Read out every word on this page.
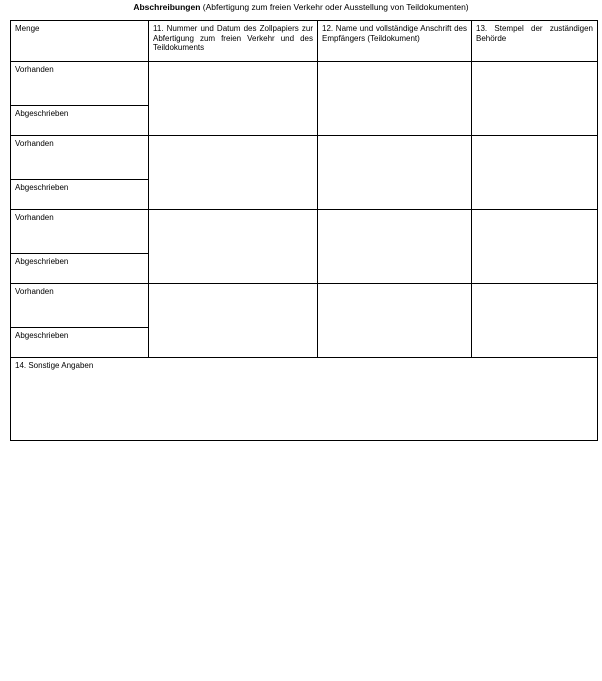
Abschreibungen (Abfertigung zum freien Verkehr oder Ausstellung von Teildokumenten)
Menge	11. Nummer und Datum des Zollpapiers zur Abfertigung zum freien Verkehr und des Teildokuments	12. Name und vollständige Anschrift des Empfängers (Teildokument)	13. Stempel der zuständigen Behörde
Vorhanden			
Abgeschrieben			
Vorhanden			
Abgeschrieben			
Vorhanden			
Abgeschrieben			
Vorhanden			
Abgeschrieben			
14. Sonstige Angaben			
